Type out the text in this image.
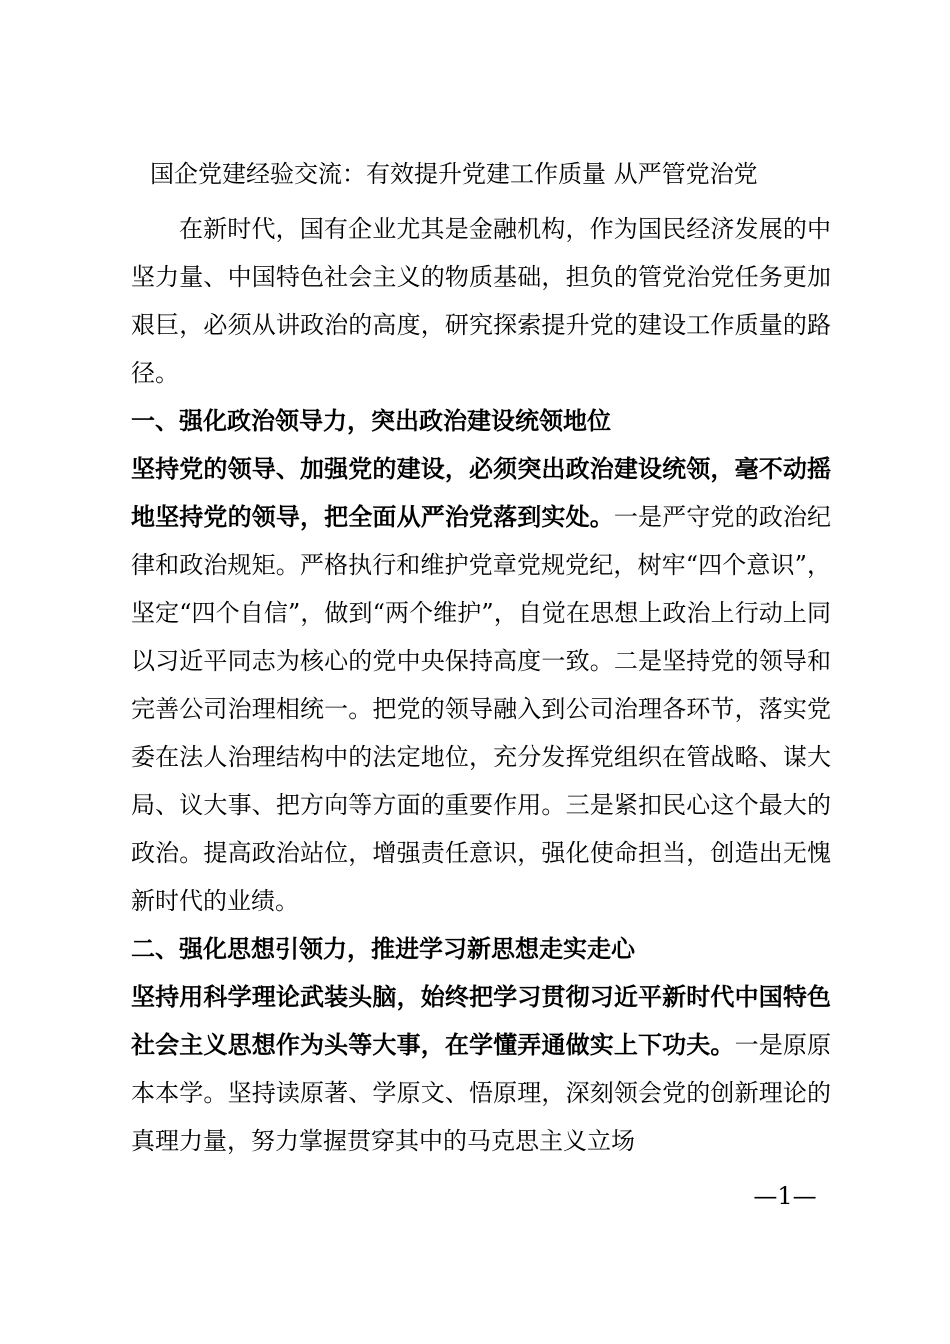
国企党建经验交流：有效提升党建工作质量 从严管党治党

在新时代，国有企业尤其是金融机构，作为国民经济发展的中坚力量、中国特色社会主义的物质基础，担负的管党治党任务更加艰巨，必须从讲政治的高度，研究探索提升党的建设工作质量的路径。

一、强化政治领导力，突出政治建设统领地位

坚持党的领导、加强党的建设，必须突出政治建设统领，毫不动摇地坚持党的领导，把全面从严治党落到实处。一是严守党的政治纪律和政治规矩。严格执行和维护党章党规党纪，树牢“四个意识”，坚定“四个自信”，做到“两个维护”，自觉在思想上政治上行动上同以习近平同志为核心的党中央保持高度一致。二是坚持党的领导和完善公司治理相统一。把党的领导融入到公司治理各环节，落实党委在法人治理结构中的法定地位，充分发挥党组织在管战略、谋大局、议大事、把方向等方面的重要作用。三是紧扣民心这个最大的政治。提高政治站位，增强责任意识，强化使命担当，创造出无愧新时代的业绩。

二、强化思想引领力，推进学习新思想走实走心

坚持用科学理论武装头脑，始终把学习贯彻习近平新时代中国特色社会主义思想作为头等大事，在学懂弄通做实上下功夫。一是原原本本学。坚持读原著、学原文、悟原理，深刻领会党的创新理论的真理力量，努力掌握贯穿其中的马克思主义立场

—1—
